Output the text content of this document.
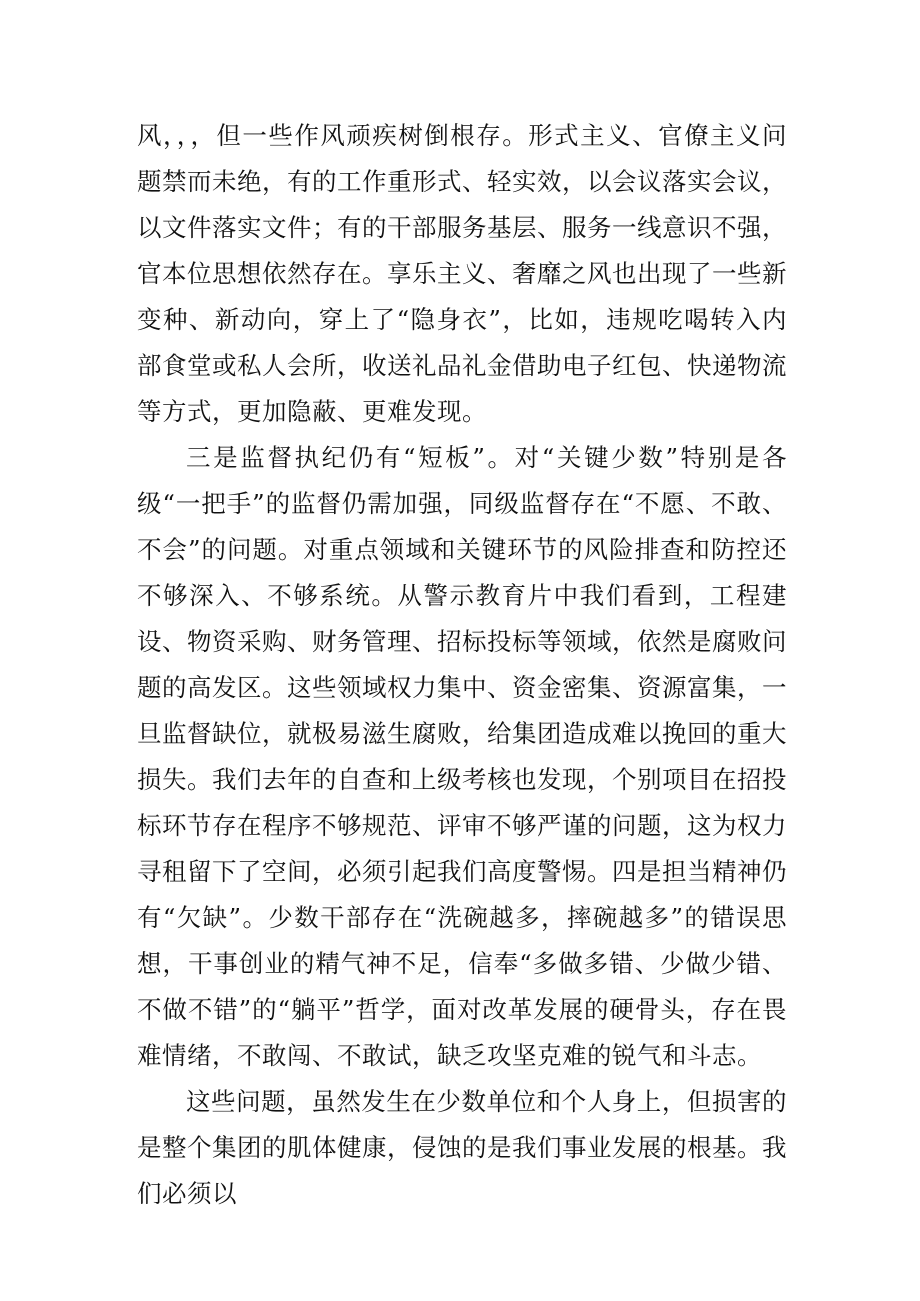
风，，，但一些作风顽疾树倒根存。形式主义、官僚主义问题禁而未绝，有的工作重形式、轻实效，以会议落实会议，以文件落实文件；有的干部服务基层、服务一线意识不强，官本位思想依然存在。享乐主义、奢靡之风也出现了一些新变种、新动向，穿上了“隐身衣”，比如，违规吃喝转入内部食堂或私人会所，收送礼品礼金借助电子红包、快递物流等方式，更加隐蔽、更难发现。

三是监督执纪仍有“短板”。对“关键少数”特别是各级“一把手”的监督仍需加强，同级监督存在“不愿、不敢、不会”的问题。对重点领域和关键环节的风险排查和防控还不够深入、不够系统。从警示教育片中我们看到，工程建设、物资采购、财务管理、招标投标等领域，依然是腐败问题的高发区。这些领域权力集中、资金密集、资源富集，一旦监督缺位，就极易滋生腐败，给集团造成难以挽回的重大损失。我们去年的自查和上级考核也发现，个别项目在招投标环节存在程序不够规范、评审不够严谨的问题，这为权力寻租留下了空间，必须引起我们高度警惕。四是担当精神仍有“欠缺”。少数干部存在“洗碗越多，摔碗越多”的错误思想，干事创业的精气神不足，信奉“多做多错、少做少错、不做不错”的“躺平”哲学，面对改革发展的硬骨头，存在畏难情绪，不敢闯、不敢试，缺乏攻坚克难的锐气和斗志。

这些问题，虽然发生在少数单位和个人身上，但损害的是整个集团的肌体健康，侵蚀的是我们事业发展的根基。我们必须以
